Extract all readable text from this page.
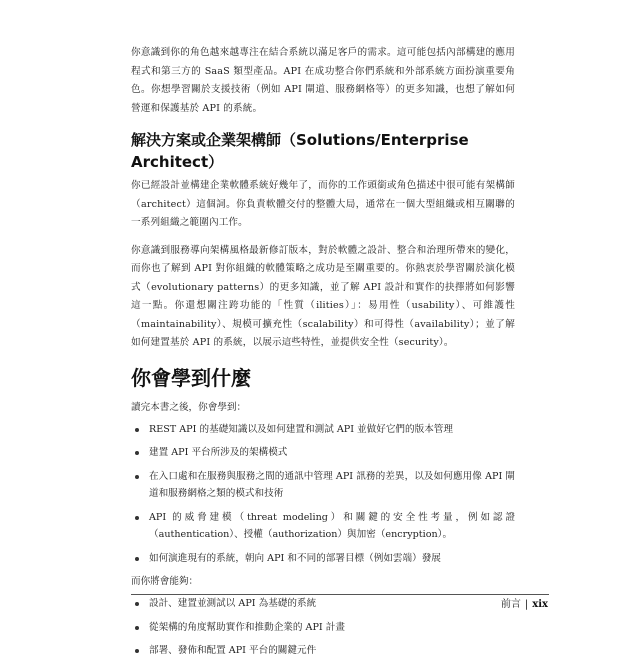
你意識到你的角色越來越專注在結合系統以滿足客戶的需求。這可能包括內部構建的應用程式和第三方的 SaaS 類型產品。API 在成功整合你們系統和外部系統方面扮演重要角色。你想學習關於支援技術（例如 API 閘道、服務網格等）的更多知識，也想了解如何營運和保護基於 API 的系統。

解決方案或企業架構師（Solutions/Enterprise Architect）

你已經設計並構建企業軟體系統好幾年了，而你的工作頭銜或角色描述中很可能有架構師（architect）這個詞。你負責軟體交付的整體大局，通常在一個大型組織或相互關聯的一系列組織之範圍內工作。

你意識到服務導向架構風格最新修訂版本，對於軟體之設計、整合和治理所帶來的變化，而你也了解到 API 對你組織的軟體策略之成功是至關重要的。你熱衷於學習關於演化模式（evolutionary patterns）的更多知識，並了解 API 設計和實作的抉擇將如何影響這一點。你還想關注跨功能的「性質（ilities）」：易用性（usability）、可維護性（maintainability）、規模可擴充性（scalability）和可得性（availability）；並了解如何建置基於 API 的系統，以展示這些特性，並提供安全性（security）。

你會學到什麼

讀完本書之後，你會學到：

REST API 的基礎知識以及如何建置和測試 API 並做好它們的版本管理
建置 API 平台所涉及的架構模式
在入口處和在服務與服務之間的通訊中管理 API 訊務的差異，以及如何應用像 API 閘道和服務網格之類的模式和技術
API 的威脅建模（threat modeling）和關鍵的安全性考量，例如認證（authentication）、授權（authorization）與加密（encryption）。
如何演進現有的系統，朝向 API 和不同的部署目標（例如雲端）發展

而你將會能夠：

設計、建置並測試以 API 為基礎的系統
從架構的角度幫助實作和推動企業的 API 計畫
部署、發佈和配置 API 平台的關鍵元件
前言 | xix
